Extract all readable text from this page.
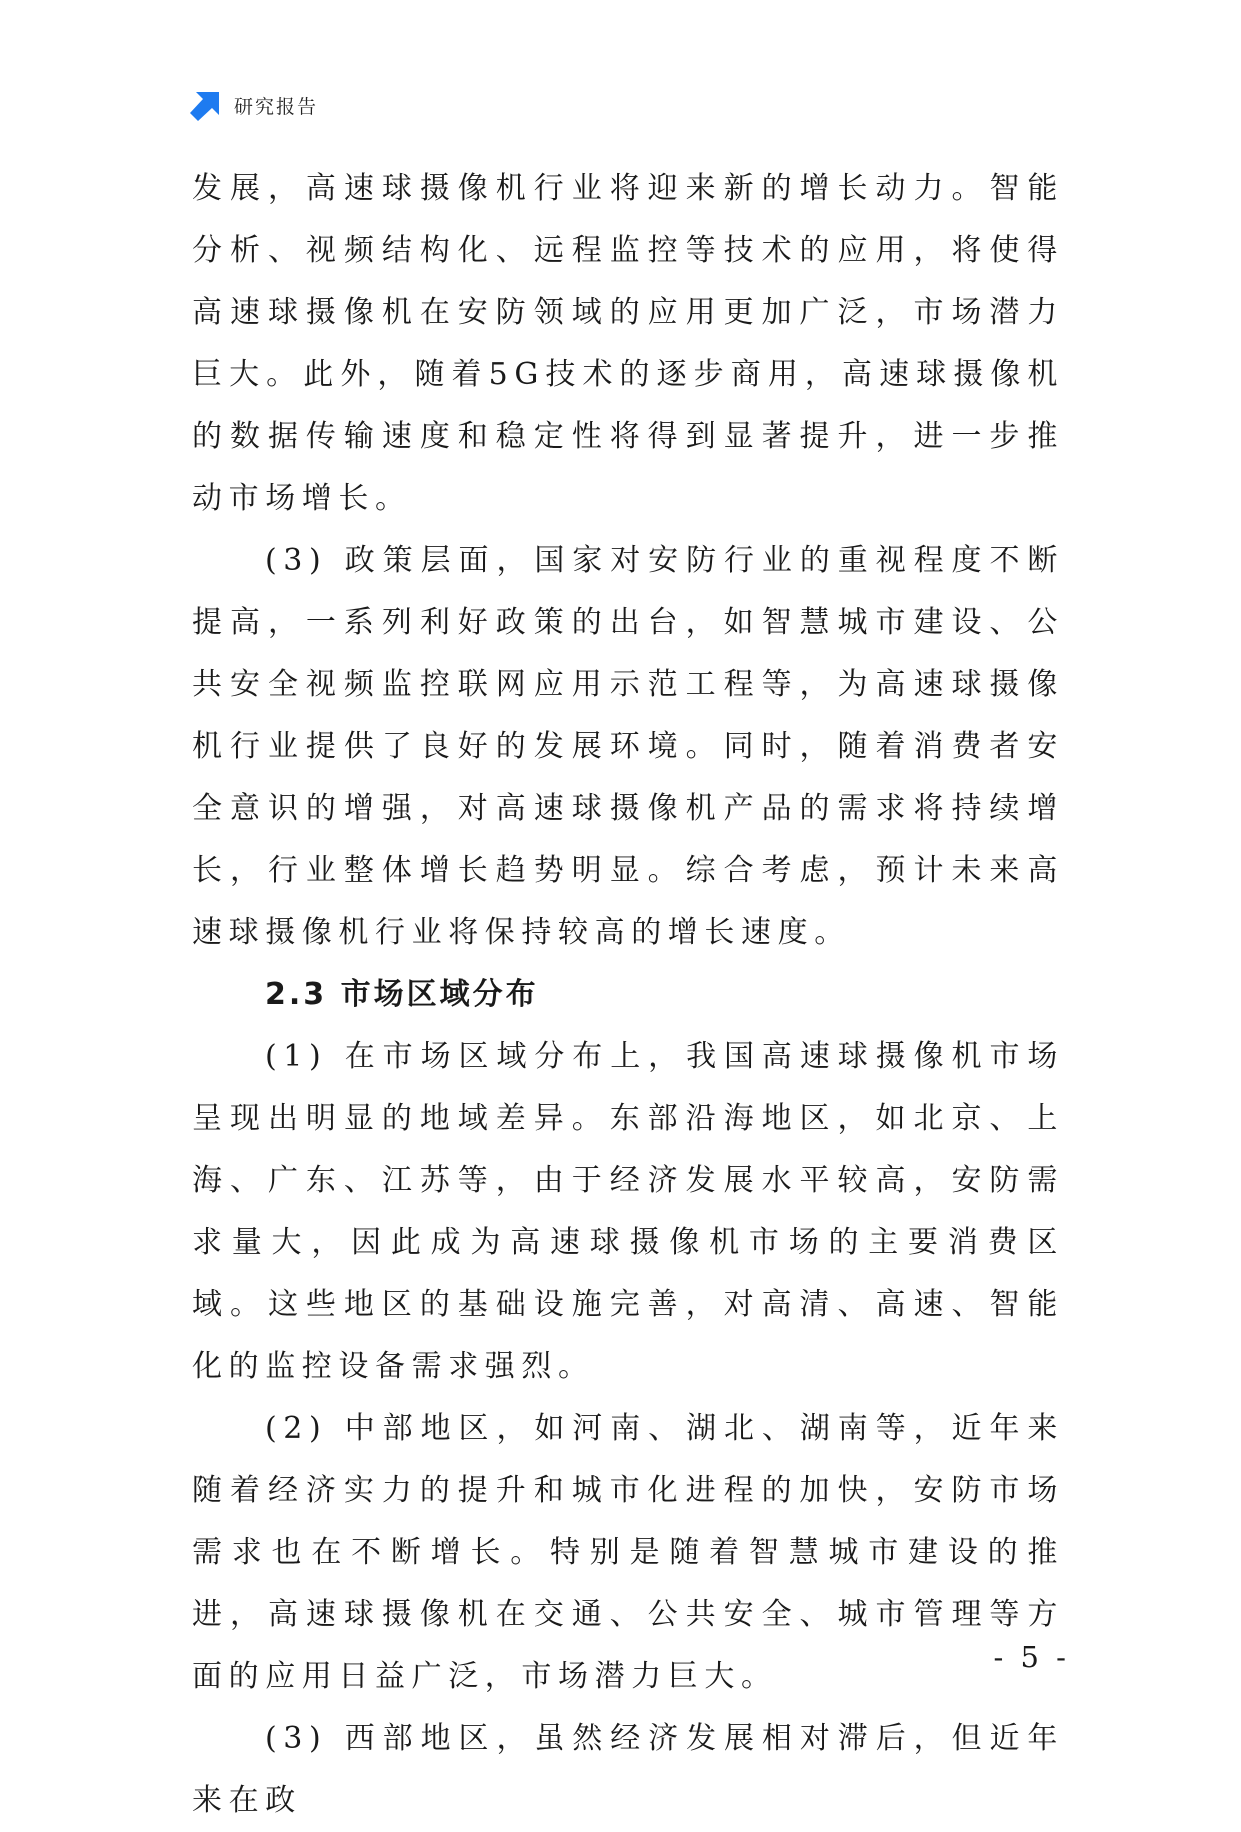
研究报告

发展，高速球摄像机行业将迎来新的增长动力。智能分析、视频结构化、远程监控等技术的应用，将使得高速球摄像机在安防领域的应用更加广泛，市场潜力巨大。此外，随着5G技术的逐步商用，高速球摄像机的数据传输速度和稳定性将得到显著提升，进一步推动市场增长。

(3) 政策层面，国家对安防行业的重视程度不断提高，一系列利好政策的出台，如智慧城市建设、公共安全视频监控联网应用示范工程等，为高速球摄像机行业提供了良好的发展环境。同时，随着消费者安全意识的增强，对高速球摄像机产品的需求将持续增长，行业整体增长趋势明显。综合考虑，预计未来高速球摄像机行业将保持较高的增长速度。

2.3 市场区域分布

(1) 在市场区域分布上，我国高速球摄像机市场呈现出明显的地域差异。东部沿海地区，如北京、上海、广东、江苏等，由于经济发展水平较高，安防需求量大，因此成为高速球摄像机市场的主要消费区域。这些地区的基础设施完善，对高清、高速、智能化的监控设备需求强烈。

(2) 中部地区，如河南、湖北、湖南等，近年来随着经济实力的提升和城市化进程的加快，安防市场需求也在不断增长。特别是随着智慧城市建设的推进，高速球摄像机在交通、公共安全、城市管理等方面的应用日益广泛，市场潜力巨大。

(3) 西部地区，虽然经济发展相对滞后，但近年来在政

- 5 -
